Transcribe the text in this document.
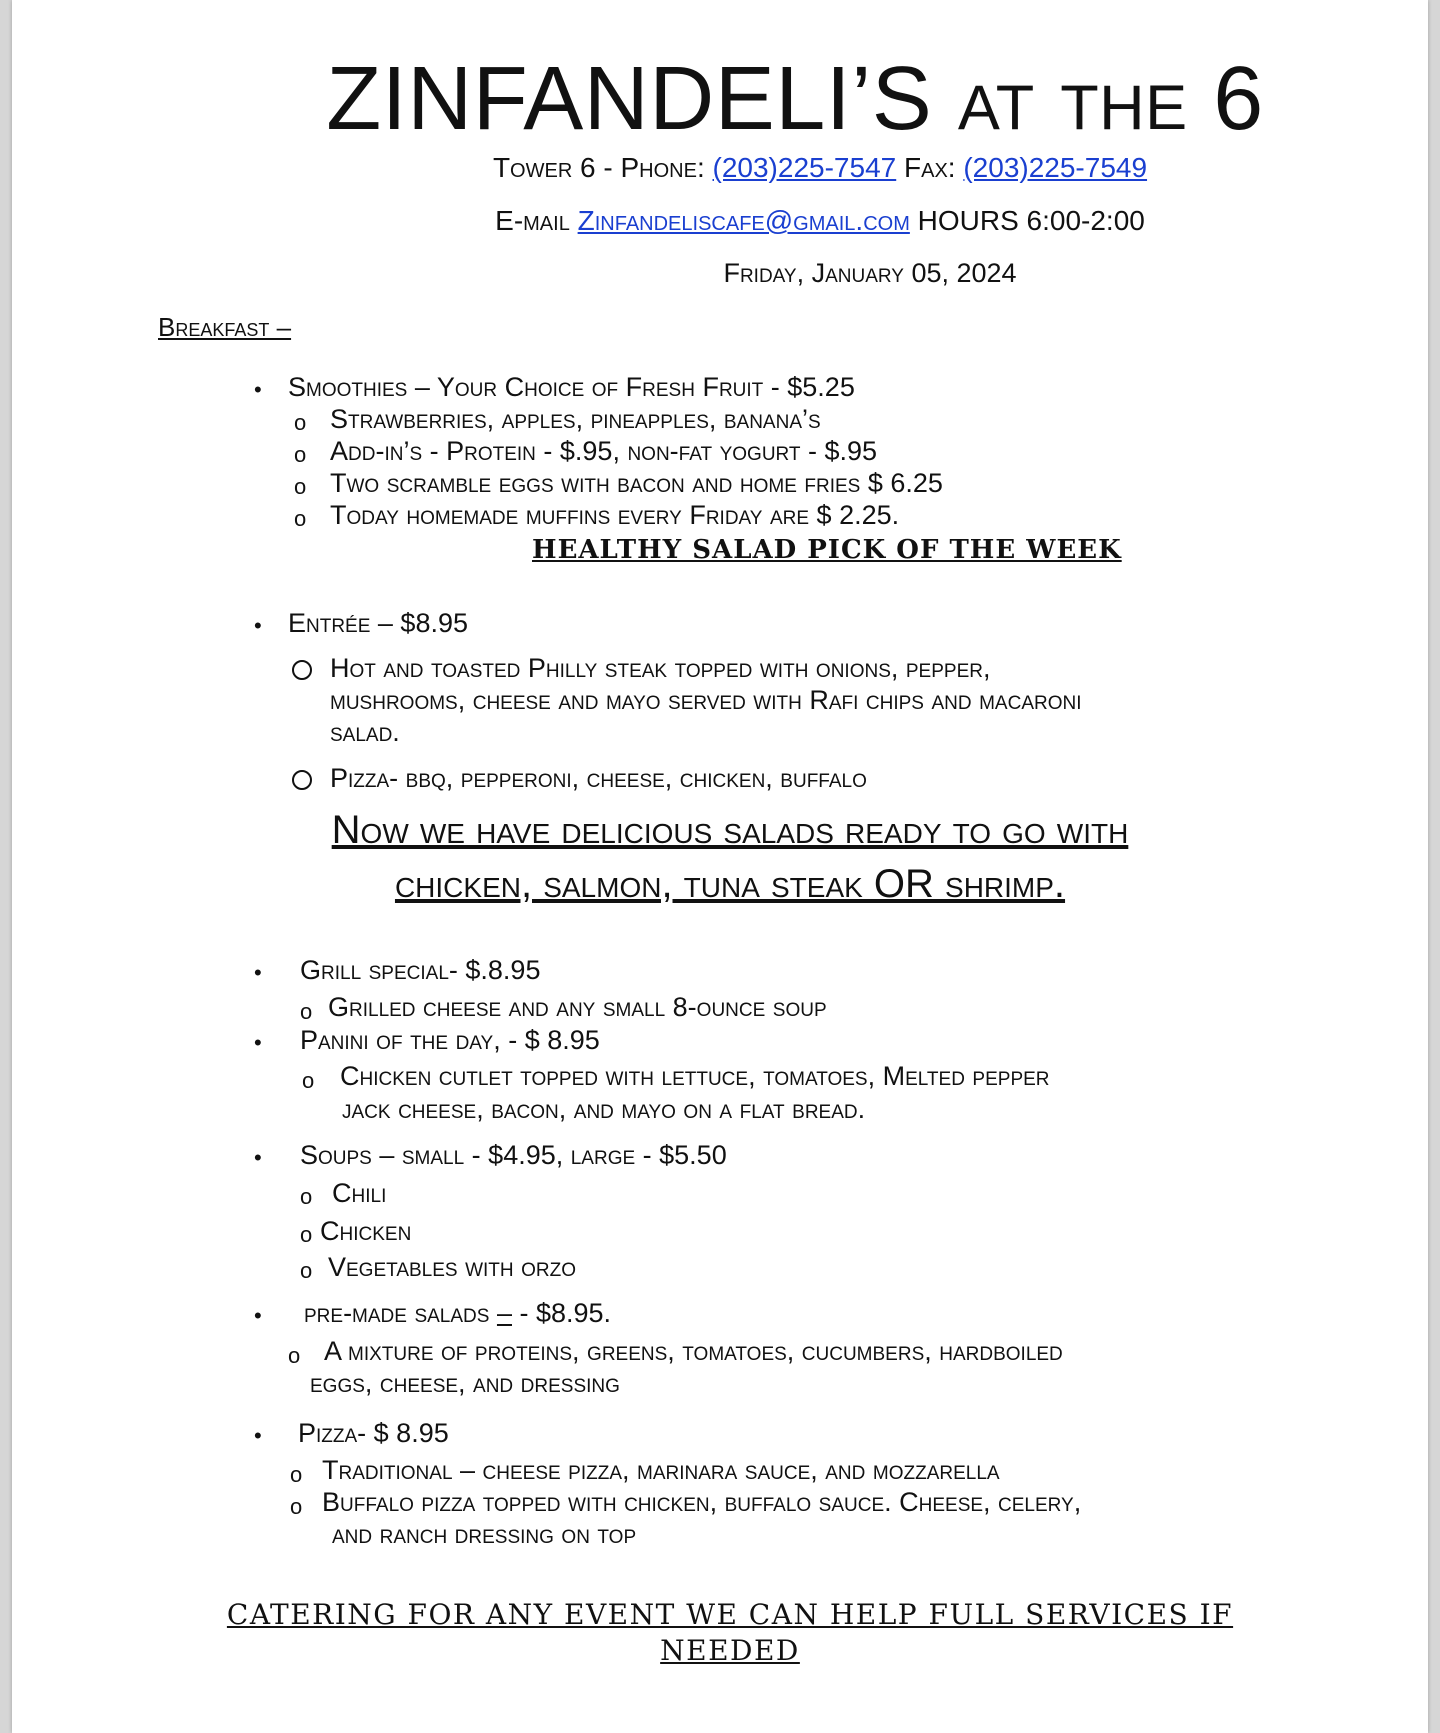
ZINFANDELI’S at the 6
Tower 6 - Phone: (203)225-7547 Fax: (203)225-7549
E-mail Zinfandeliscafe@gmail.com HOURS 6:00-2:00
Friday, January 05, 2024
Breakfast –
• Smoothies – Your Choice of Fresh Fruit - $5.25
o Strawberries, apples, pineapples, banana’s
o Add-in’s - Protein - $.95, non-fat yogurt - $.95
o Two scramble eggs with bacon and home fries $ 6.25
o Today homemade muffins every Friday are $ 2.25.
HEALTHY SALAD PICK OF THE WEEK
• Entrée – $8.95
Hot and toasted Philly steak topped with onions, pepper,
mushrooms, cheese and mayo served with Rafi chips and macaroni
salad.
Pizza- bbq, pepperoni, cheese, chicken, buffalo
Now we have delicious salads ready to go with
chicken, salmon, tuna steak OR shrimp.
• Grill special- $.8.95
o Grilled cheese and any small 8-ounce soup
• Panini of the day, - $ 8.95
o Chicken cutlet topped with lettuce, tomatoes, Melted pepper
jack cheese, bacon, and mayo on a flat bread.
• Soups – small - $4.95, large - $5.50
o Chili
o Chicken
o Vegetables with orzo
• pre-made salads – - $8.95.
o A mixture of proteins, greens, tomatoes, cucumbers, hardboiled
eggs, cheese, and dressing
• Pizza- $ 8.95
o Traditional – cheese pizza, marinara sauce, and mozzarella
o Buffalo pizza topped with chicken, buffalo sauce. Cheese, celery,
and ranch dressing on top
CATERING FOR ANY EVENT WE CAN HELP FULL SERVICES IF NEEDED
